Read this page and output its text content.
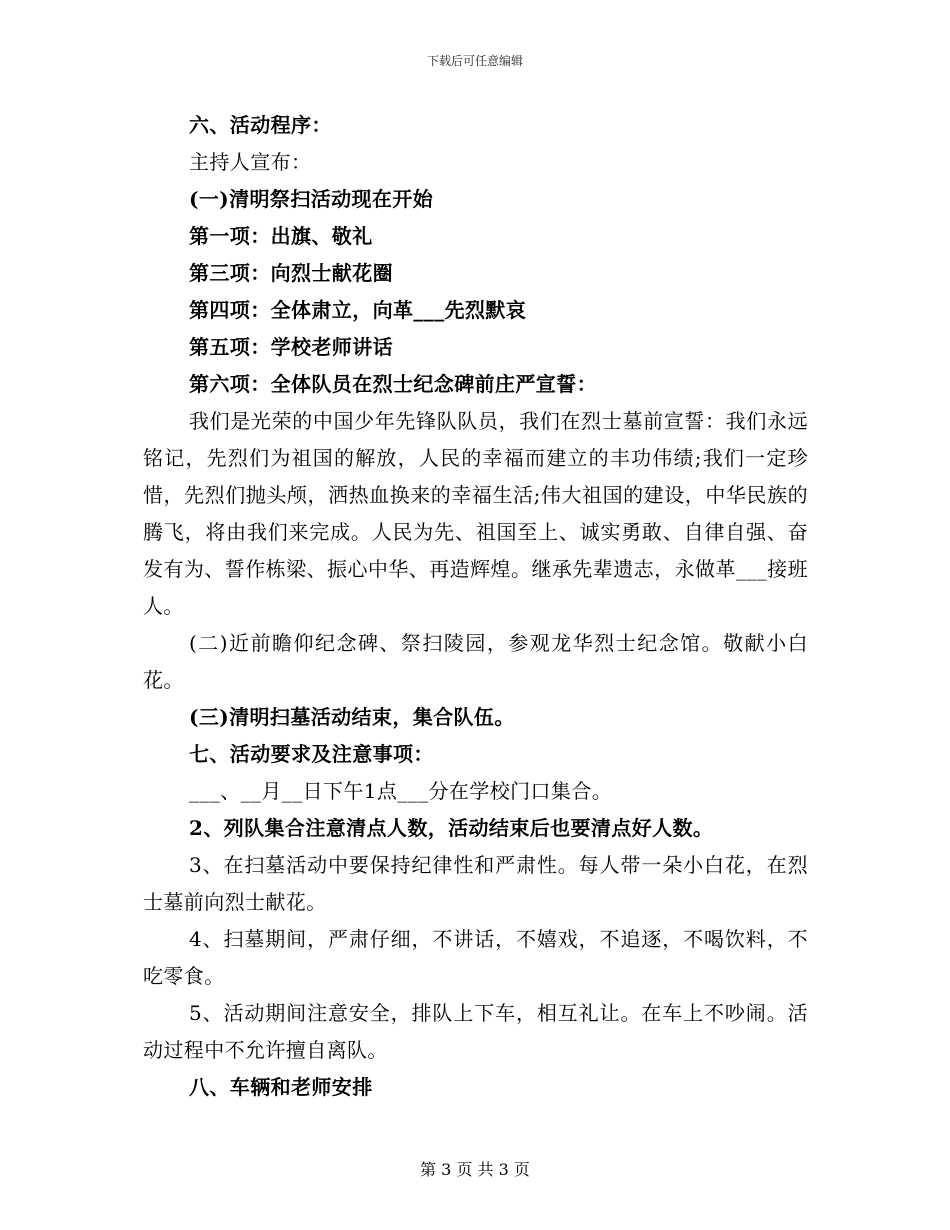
下载后可任意编辑

六、活动程序：

主持人宣布：

(一)清明祭扫活动现在开始

第一项：出旗、敬礼

第三项：向烈士献花圈

第四项：全体肃立，向革___先烈默哀

第五项：学校老师讲话

第六项：全体队员在烈士纪念碑前庄严宣誓：

我们是光荣的中国少年先锋队队员，我们在烈士墓前宣誓：我们永远铭记，先烈们为祖国的解放，人民的幸福而建立的丰功伟绩;我们一定珍惜，先烈们抛头颅，洒热血换来的幸福生活;伟大祖国的建设，中华民族的腾飞，将由我们来完成。人民为先、祖国至上、诚实勇敢、自律自强、奋发有为、誓作栋梁、振心中华、再造辉煌。继承先辈遗志，永做革___接班人。

(二)近前瞻仰纪念碑、祭扫陵园，参观龙华烈士纪念馆。敬献小白花。

(三)清明扫墓活动结束，集合队伍。

七、活动要求及注意事项：

___、__月__日下午1点___分在学校门口集合。

2、列队集合注意清点人数，活动结束后也要清点好人数。

3、在扫墓活动中要保持纪律性和严肃性。每人带一朵小白花，在烈士墓前向烈士献花。

4、扫墓期间，严肃仔细，不讲话，不嬉戏，不追逐，不喝饮料，不吃零食。

5、活动期间注意安全，排队上下车，相互礼让。在车上不吵闹。活动过程中不允许擅自离队。

八、车辆和老师安排

第 3 页 共 3 页
